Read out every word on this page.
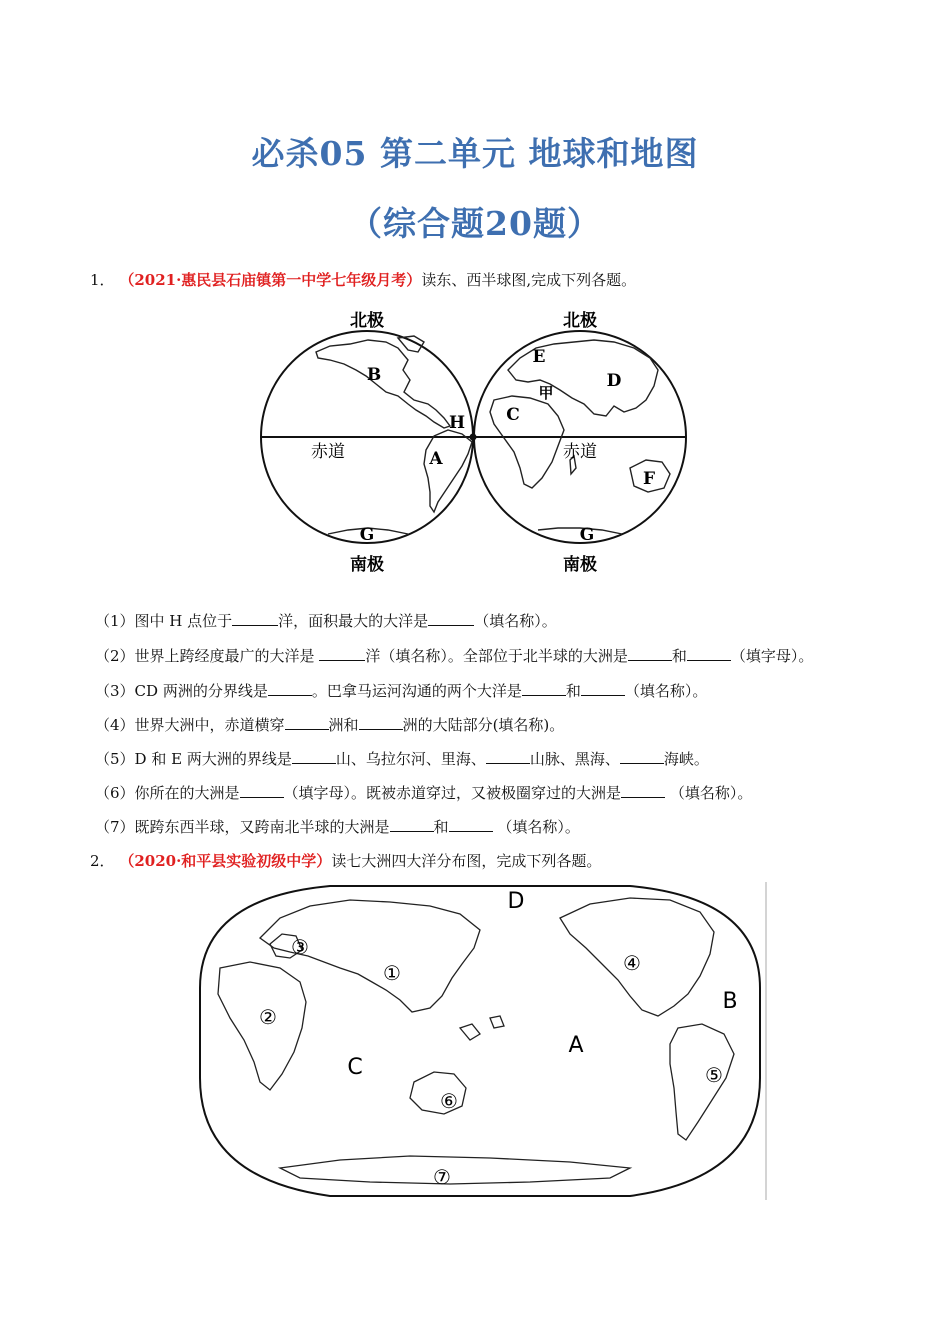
必杀05 第二单元 地球和地图
（综合题20题）
1． （2021·惠民县石庙镇第一中学七年级月考）读东、西半球图,完成下列各题。
北极	北极
南极	南极
赤道	赤道
B
A
H
G
E
甲
D
C
F
G
（1）图中 H 点位于	洋，面积最大的大洋是	（填名称）。
（2）世界上跨经度最广的大洋是	洋（填名称）。全部位于北半球的大洲是	和	（填字母）。
（3）CD 两洲的分界线是	。巴拿马运河沟通的两个大洋是	和	（填名称）。
（4）世界大洲中，赤道横穿	洲和	洲的大陆部分(填名称)。
（5）D 和 E 两大洲的界线是	山、乌拉尔河、里海、	山脉、黑海、	海峡。
（6）你所在的大洲是	（填字母）。既被赤道穿过，又被极圈穿过的大洲是	（填名称）。
（7）既跨东西半球，又跨南北半球的大洲是	和	（填名称）。
2． （2020·和平县实验初级中学）读七大洲四大洋分布图，完成下列各题。
D
B
A
C
③
①
②
④
⑤
⑥
⑦
